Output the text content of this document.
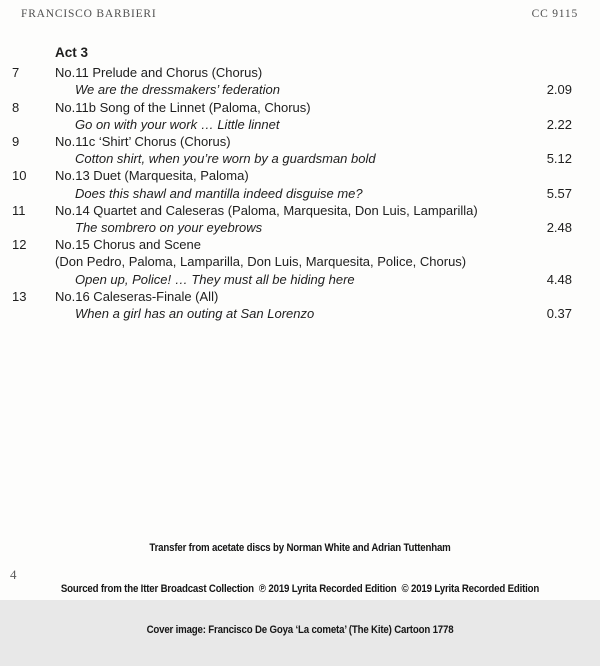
FRANCISCO BARBIERI	CC 9115
Act 3
7	No.11 Prelude and Chorus (Chorus)
We are the dressmakers’ federation	2.09
8	No.11b Song of the Linnet (Paloma, Chorus)
Go on with your work … Little linnet	2.22
9	No.11c ‘Shirt’ Chorus (Chorus)
Cotton shirt, when you’re worn by a guardsman bold	5.12
10	No.13 Duet (Marquesita, Paloma)
Does this shawl and mantilla indeed disguise me?	5.57
11	No.14 Quartet and Caleseras (Paloma, Marquesita, Don Luis, Lamparilla)
The sombrero on your eyebrows	2.48
12	No.15 Chorus and Scene
(Don Pedro, Paloma, Lamparilla, Don Luis, Marquesita, Police, Chorus)
Open up, Police! … They must all be hiding here	4.48
13	No.16 Caleseras-Finale (All)
When a girl has an outing at San Lorenzo	0.37

Transfer from acetate discs by Norman White and Adrian Tuttenham

Sourced from the Itter Broadcast Collection  ℗ 2019 Lyrita Recorded Edition  © 2019 Lyrita Recorded Edition

Cover image: Francisco De Goya ‘La cometa’ (The Kite) Cartoon 1778

4
